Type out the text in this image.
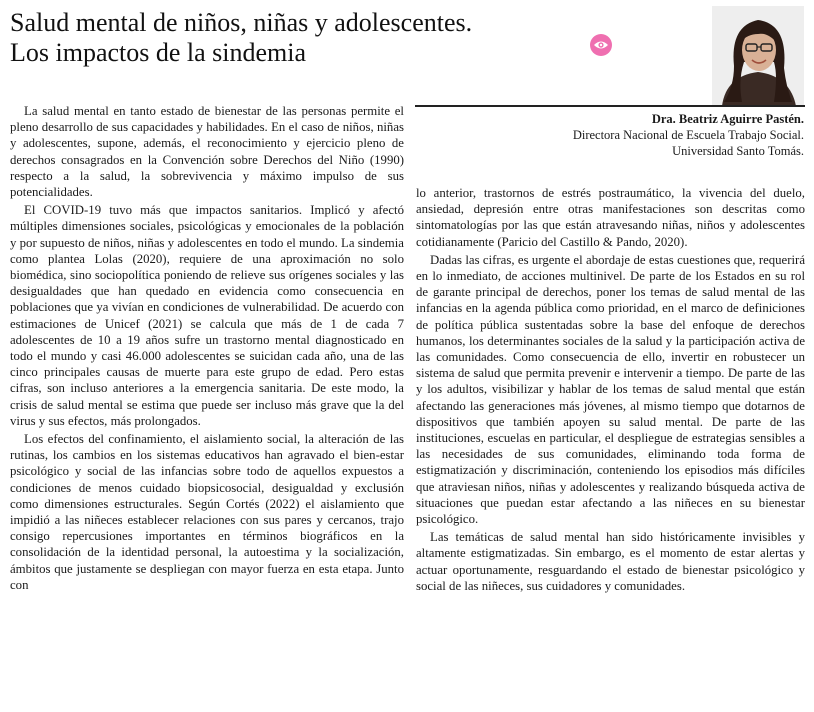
Salud mental de niños, niñas y adolescentes.
Los impactos de la sindemia
Dra. Beatriz Aguirre Pastén.
Directora Nacional de Escuela Trabajo Social.
Universidad Santo Tomás.

La salud mental en tanto estado de bienestar de las personas permite el pleno desarrollo de sus capacidades y habilidades. En el caso de niños, niñas y adolescentes, supone, además, el reconocimiento y ejercicio pleno de derechos consagrados en la Convención sobre Derechos del Niño (1990) respecto a la salud, la sobrevivencia y máximo impulso de sus potencialidades.

El COVID-19 tuvo más que impactos sanitarios. Implicó y afectó múltiples dimensiones sociales, psicológicas y emocionales de la población y por supuesto de niños, niñas y adolescentes en todo el mundo. La sindemia como plantea Lolas (2020), requiere de una aproximación no solo biomédica, sino sociopolítica poniendo de relieve sus orígenes sociales y las desigualdades que han quedado en evidencia como consecuencia en poblaciones que ya vivían en condiciones de vulnerabilidad. De acuerdo con estimaciones de Unicef (2021) se calcula que más de 1 de cada 7 adolescentes de 10 a 19 años sufre un trastorno mental diagnosticado en todo el mundo y casi 46.000 adolescentes se suicidan cada año, una de las cinco principales causas de muerte para este grupo de edad. Pero estas cifras, son incluso anteriores a la emergencia sanitaria. De este modo, la crisis de salud mental se estima que puede ser incluso más grave que la del virus y sus efectos, más prolongados.

Los efectos del confinamiento, el aislamiento social, la alteración de las rutinas, los cambios en los sistemas educativos han agravado el bien-estar psicológico y social de las infancias sobre todo de aquellos expuestos a condiciones de menos cuidado biopsicosocial, desigualdad y exclusión como dimensiones estructurales. Según Cortés (2022) el aislamiento que impidió a las niñeces establecer relaciones con sus pares y cercanos, trajo consigo repercusiones importantes en términos biográficos en la consolidación de la identidad personal, la autoestima y la socialización, ámbitos que justamente se despliegan con mayor fuerza en esta etapa. Junto con

lo anterior, trastornos de estrés postraumático, la vivencia del duelo, ansiedad, depresión entre otras manifestaciones son descritas como sintomatologías por las que están atravesando niñas, niños y adolescentes cotidianamente (Paricio del Castillo & Pando, 2020).

Dadas las cifras, es urgente el abordaje de estas cuestiones que, requerirá en lo inmediato, de acciones multinivel. De parte de los Estados en su rol de garante principal de derechos, poner los temas de salud mental de las infancias en la agenda pública como prioridad, en el marco de definiciones de política pública sustentadas sobre la base del enfoque de derechos humanos, los determinantes sociales de la salud y la participación activa de las comunidades. Como consecuencia de ello, invertir en robustecer un sistema de salud que permita prevenir e intervenir a tiempo. De parte de las y los adultos, visibilizar y hablar de los temas de salud mental que están afectando las generaciones más jóvenes, al mismo tiempo que dotarnos de dispositivos que también apoyen su salud mental. De parte de las instituciones, escuelas en particular, el despliegue de estrategias sensibles a las necesidades de sus comunidades, eliminando toda forma de estigmatización y discriminación, conteniendo los episodios más difíciles que atraviesan niños, niñas y adolescentes y realizando búsqueda activa de situaciones que puedan estar afectando a las niñeces en su bienestar psicológico.

Las temáticas de salud mental han sido históricamente invisibles y altamente estigmatizadas. Sin embargo, es el momento de estar alertas y actuar oportunamente, resguardando el estado de bienestar psicológico y social de las niñeces, sus cuidadores y comunidades.
